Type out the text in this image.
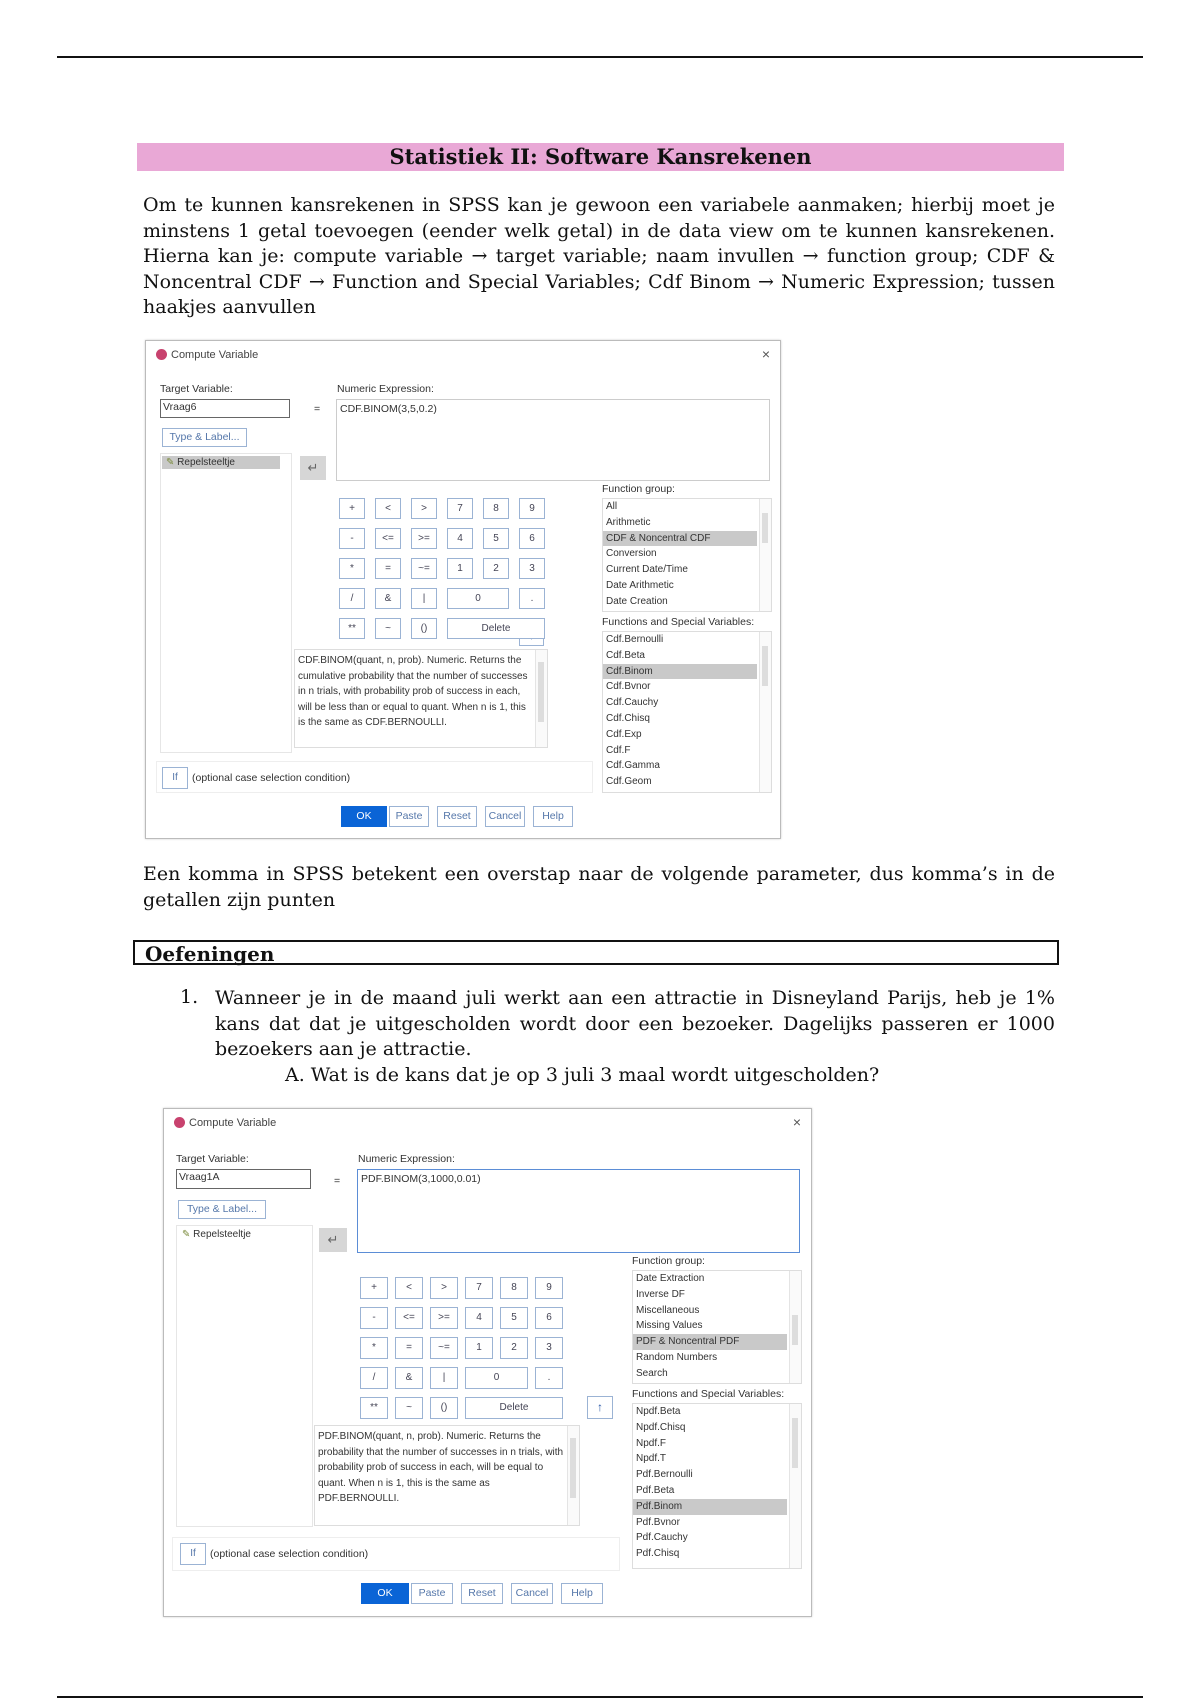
Statistiek II: Software Kansrekenen
Om te kunnen kansrekenen in SPSS kan je gewoon een variabele aanmaken; hierbij moet je minstens 1 getal toevoegen (eender welk getal) in de data view om te kunnen kansrekenen. Hierna kan je: compute variable → target variable; naam invullen → function group; CDF & Noncentral CDF → Function and Special Variables; Cdf Binom → Numeric Expression; tussen haakjes aanvullen
Compute Variable	×
Target Variable:
Vraag6	=
Type & Label...
Numeric Expression:
CDF.BINOM(3,5,0.2)
✎ Repelsteeltje	↵
Function group:
All
Arithmetic
CDF & Noncentral CDF
Conversion
Current Date/Time
Date Arithmetic
Date Creation
Functions and Special Variables:
Cdf.Bernoulli
Cdf.Beta
Cdf.Binom
Cdf.Bvnor
Cdf.Cauchy
Cdf.Chisq
Cdf.Exp
Cdf.F
Cdf.Gamma
Cdf.Geom
CDF.BINOM(quant, n, prob). Numeric. Returns the cumulative probability that the number of successes in n trials, with probability prob of success in each, will be less than or equal to quant. When n is 1, this is the same as CDF.BERNOULLI.
If	(optional case selection condition)
+	<	>	7	8	9
-	<=	>=	4	5	6
*	=	~=	1	2	3
/	&	|	0	.
**	~	()	Delete
OK	Paste	Reset	Cancel	Help
Een komma in SPSS betekent een overstap naar de volgende parameter, dus komma’s in de getallen zijn punten
Oefeningen
1. Wanneer je in de maand juli werkt aan een attractie in Disneyland Parijs, heb je 1% kans dat dat je uitgescholden wordt door een bezoeker. Dagelijks passeren er 1000 bezoekers aan je attractie.
A. Wat is de kans dat je op 3 juli 3 maal wordt uitgescholden?
Compute Variable	×
Target Variable:
Vraag1A	=
Type & Label...
Numeric Expression:
PDF.BINOM(3,1000,0.01)
✎ Repelsteeltje	↵
Function group:
Date Extraction
Inverse DF
Miscellaneous
Missing Values
PDF & Noncentral PDF
Random Numbers
Search
Functions and Special Variables:
Npdf.Beta
Npdf.Chisq
Npdf.F
Npdf.T
Pdf.Bernoulli
Pdf.Beta
Pdf.Binom
Pdf.Bvnor
Pdf.Cauchy
Pdf.Chisq
↑
PDF.BINOM(quant, n, prob). Numeric. Returns the probability that the number of successes in n trials, with probability prob of success in each, will be equal to quant. When n is 1, this is the same as PDF.BERNOULLI.
If	(optional case selection condition)
+	<	>	7	8	9
-	<=	>=	4	5	6
*	=	~=	1	2	3
/	&	|	0	.
**	~	()	Delete
OK	Paste	Reset	Cancel	Help
